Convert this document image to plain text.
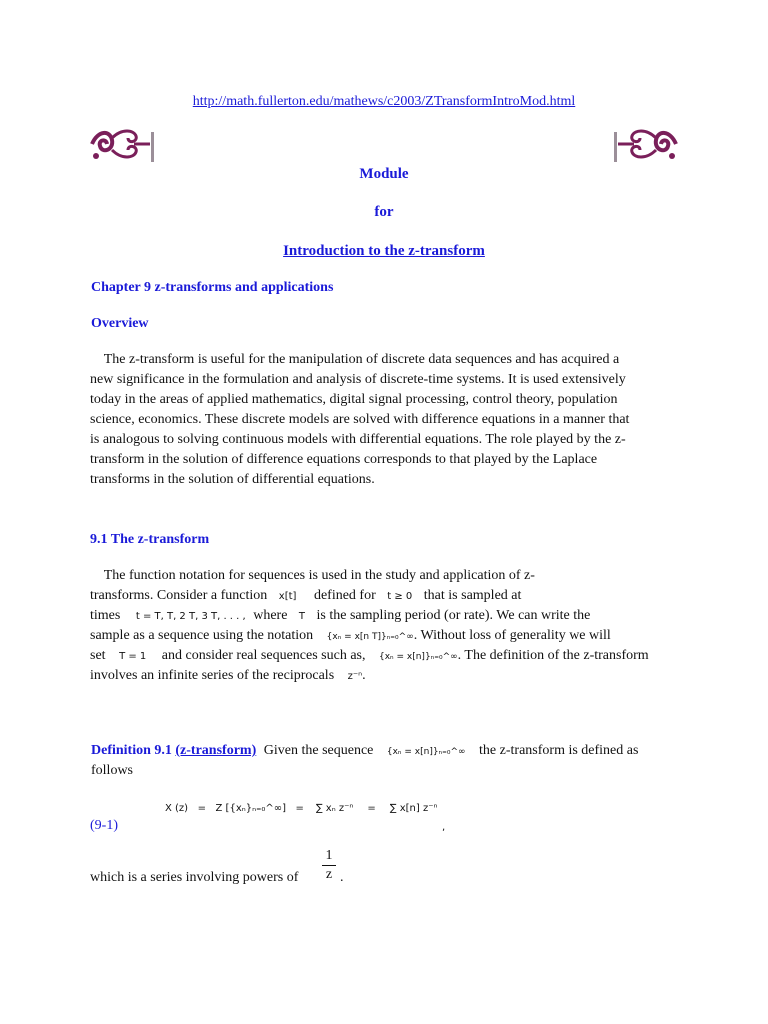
http://math.fullerton.edu/mathews/c2003/ZTransformIntroMod.html
Module
for
Introduction to the z-transform
Chapter 9 z-transforms and applications
Overview
The z-transform is useful for the manipulation of discrete data sequences and has acquired a
new significance in the formulation and analysis of discrete-time systems. It is used extensively
today in the areas of applied mathematics, digital signal processing, control theory, population
science, economics. These discrete models are solved with difference equations in a manner that
is analogous to solving continuous models with differential equations. The role played by the z-
transform in the solution of difference equations corresponds to that played by the Laplace
transforms in the solution of differential equations.
9.1 The z-transform
The function notation for sequences is used in the study and application of z-
transforms. Consider a function x[t] defined for t ≥ 0 that is sampled at
times t = T, T, 2 T, 3 T, . . . , where T is the sampling period (or rate). We can write the
sample as a sequence using the notation {xₙ = x[n T]}ₙ₌₀^∞. Without loss of generality we will
set T = 1 and consider real sequences such as, {xₙ = x[n]}ₙ₌₀^∞. The definition of the z-transform
involves an infinite series of the reciprocals z⁻ⁿ.
Definition 9.1 (z-transform) Given the sequence {xₙ = x[n]}ₙ₌₀^∞ the z-transform is defined as
follows
(9-1)
X (z)   =   Z [{xₙ}ₙ₌₀^∞]   = ∑ xₙ z⁻ⁿ = ∑ x[n] z⁻ⁿ
,
which is a series involving powers of
1
z .
